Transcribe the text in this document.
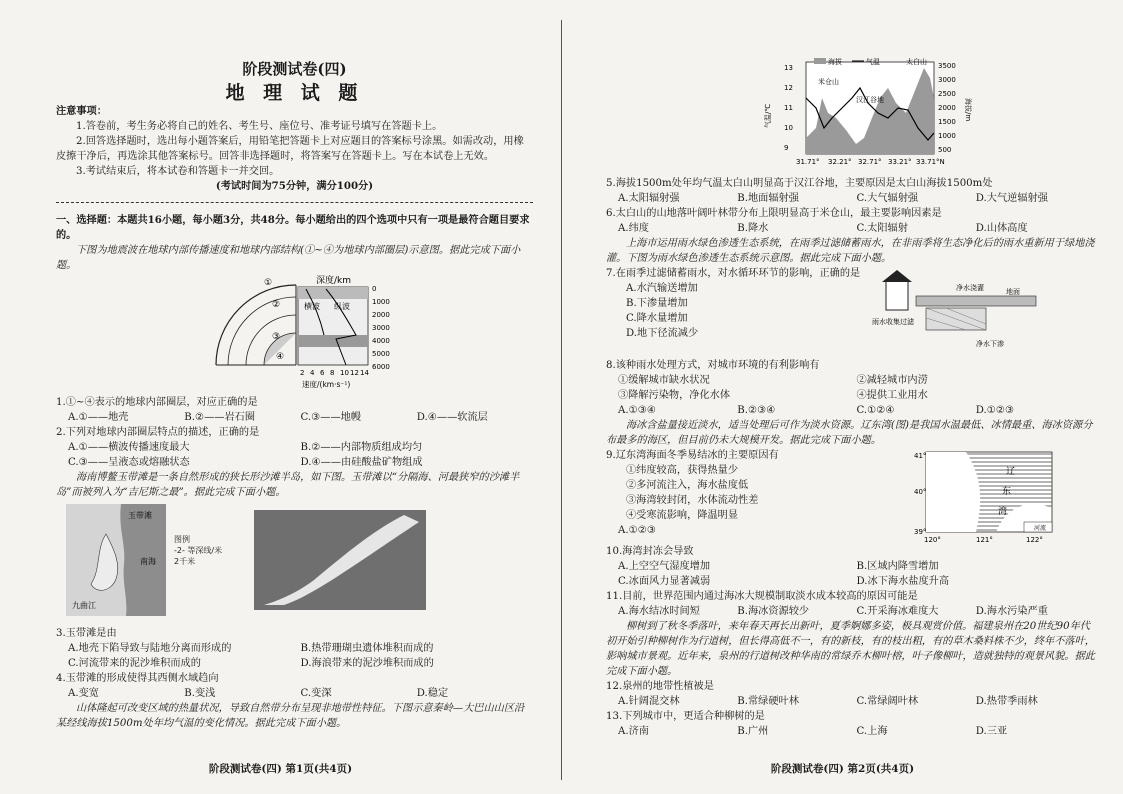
阶段测试卷(四)
地 理 试 题

注意事项：

1.答卷前，考生务必将自己的姓名、考生号、座位号、准考证号填写在答题卡上。

2.回答选择题时，选出每小题答案后，用铅笔把答题卡上对应题目的答案标号涂黑。如需改动，用橡皮擦干净后，再选涂其他答案标号。回答非选择题时，将答案写在答题卡上。写在本试卷上无效。

3.考试结束后，将本试卷和答题卡一并交回。

(考试时间为75分钟，满分100分)

一、选择题：本题共16小题，每小题3分，共48分。每小题给出的四个选项中只有一项是最符合题目要求的。

下图为地震波在地球内部传播速度和地球内部结构(①~④为地球内部圈层)示意图。据此完成下面小题。

深度/km
横波 纵波
0
1000
2000
3000
4000
5000
6000
2 4 6 8 10 12 14
速度/(km·s⁻¹)
①
②
③
④

1.①~④表示的地球内部圈层，对应正确的是

A.①——地壳	B.②——岩石圈	C.③——地幔	D.④——软流层

2.下列对地球内部圈层特点的描述，正确的是

A.①——横波传播速度最大	B.②——内部物质组成均匀
C.③——呈液态或熔融状态	D.④——由硅酸盐矿物组成

海南博鳌玉带滩是一条自然形成的狭长形沙滩半岛，如下图。玉带滩以“分隔海、河最狭窄的沙滩半岛”而被列入为“吉尼斯之最”。据此完成下面小题。

玉带滩
南海
九曲江
图例
-2- 等深线/米
2千米

3.玉带滩是由

A.地壳下陷导致与陆地分离而形成的	B.热带珊瑚虫遗体堆积而成的
C.河流带来的泥沙堆积而成的	D.海浪带来的泥沙堆积而成的

4.玉带滩的形成使得其西侧水域趋向

A.变宽	B.变浅	C.变深	D.稳定

山体隆起可改变区域的热量状况，导致自然带分布呈现非地带性特征。下图示意秦岭—大巴山山区沿某经线海拔1500m处年均气温的变化情况。据此完成下面小题。

阶段测试卷(四) 第1页(共4页)
海拔	气温
米仓山
汉江谷地
太白山
13
12
11
10
9
3500
3000
2500
2000
1500
1000
500
31.71° 32.21° 32.71° 33.21° 33.71°N
气温/℃	海拔/m

5.海拔1500m处年均气温太白山明显高于汉江谷地，主要原因是太白山海拔1500m处

A.太阳辐射强	B.地面辐射强	C.大气辐射强	D.大气逆辐射强

6.太白山的山地落叶阔叶林带分布上限明显高于米仓山，最主要影响因素是

A.纬度	B.降水	C.太阳辐射	D.山体高度

上海市运用雨水绿色渗透生态系统，在雨季过滤储蓄雨水，在非雨季将生态净化后的雨水重新用于绿地浇灌。下图为雨水绿色渗透生态系统示意图。据此完成下面小题。

7.在雨季过滤储蓄雨水，对水循环环节的影响，正确的是

A.水汽输送增加

B.下渗量增加

C.降水量增加

D.地下径流减少

净水浇灌	地面
雨水收集过滤
净水下渗

8.该种雨水处理方式，对城市环境的有利影响有

①缓解城市缺水状况	②减轻城市内涝
③降解污染物，净化水体	④提供工业用水
A.①③④	B.②③④	C.①②④	D.①②③

海冰含盐量接近淡水，适当处理后可作为淡水资源。辽东湾(图)是我国水温最低、冰情最重、海冰资源分布最多的海区，但目前仍未大规模开发。据此完成下面小题。

9.辽东湾海面冬季易结冰的主要原因有

①纬度较高，获得热量少

②多河流注入，海水盐度低

③海湾较封闭，水体流动性差

④受寒流影响，降温明显

A.①②③
41°
40°
39°
120°	121°	122°
辽
东
湾
河流

10.海湾封冻会导致

A.上空空气湿度增加	B.区域内降雪增加
C.冰面风力显著减弱	D.冰下海水盐度升高

11.目前，世界范围内通过海冰大规模制取淡水成本较高的原因可能是

A.海水结冰时间短	B.海冰资源较少	C.开采海冰难度大	D.海水污染严重

柳树到了秋冬季落叶，来年春天再长出新叶，夏季婀娜多姿，极具观赏价值。福建泉州在20世纪90年代初开始引种柳树作为行道树，但长得高低不一，有的新枝，有的枝出粗，有的草木桑料株不少，终年不落叶，影响城市景观。近年来，泉州的行道树改种华南的常绿乔木柳叶榕，叶子像柳叶，造就独特的观景风貌。据此完成下面小题。

12.泉州的地带性植被是

A.针阔混交林	B.常绿硬叶林	C.常绿阔叶林	D.热带季雨林

13.下列城市中，更适合种柳树的是

A.济南	B.广州	C.上海	D.三亚
阶段测试卷(四) 第2页(共4页)
